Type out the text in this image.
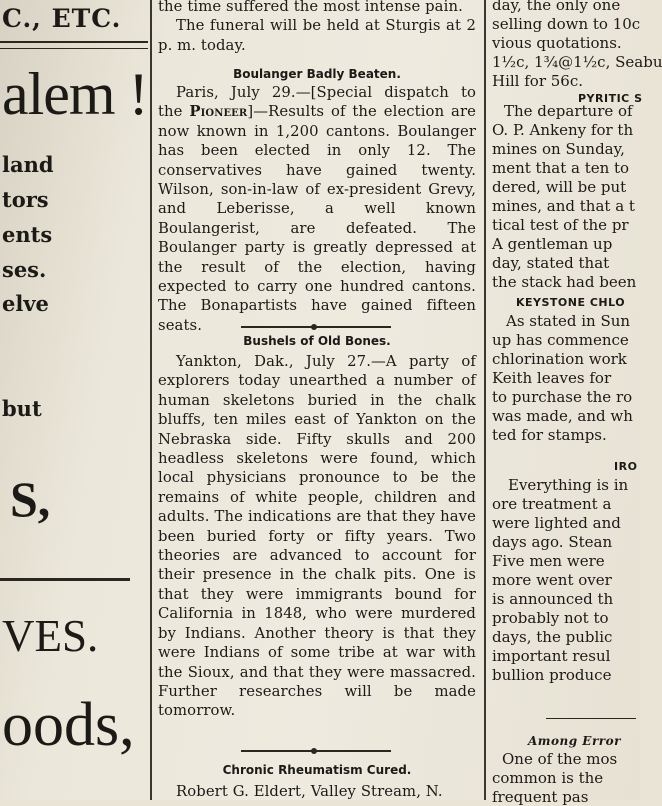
C., ETC.
alem !
land
tors
ents
ses.
elve
but
S,
VES.
oods,

the time suffered the most intense pain.

The funeral will be held at Sturgis at 2 p. m. today.

Boulanger Badly Beaten.

Paris, July 29.—[Special dispatch to the Pioneer]—Results of the election are now known in 1,200 cantons. Boulanger has been elected in only 12. The conservatives have gained twenty. Wilson, son-in-law of ex-president Grevy, and Leberisse, a well known Boulangerist, are defeated. The Boulanger party is greatly depressed at the result of the election, having expected to carry one hundred cantons. The Bonapartists have gained fifteen seats.

Bushels of Old Bones.

Yankton, Dak., July 27.—A party of explorers today unearthed a number of human skeletons buried in the chalk bluffs, ten miles east of Yankton on the Nebraska side. Fifty skulls and 200 headless skeletons were found, which local physicians pronounce to be the remains of white people, children and adults. The indications are that they have been buried forty or fifty years. Two theories are advanced to account for their presence in the chalk pits. One is that they were immigrants bound for California in 1848, who were murdered by Indians. Another theory is that they were Indians of some tribe at war with the Sioux, and that they were massacred. Further researches will be made tomorrow.

Chronic Rheumatism Cured.

Robert G. Eldert, Valley Stream, N.

day, the only one
selling down to 10c
vious quotations.
1½c, 1¾@1½c, Seabu
Hill for 56c.
PYRITIC S
The departure of
O. P. Ankeny for th
mines on Sunday,
ment that a ten to
dered, will be put
mines, and that a t
tical test of the pr
A gentleman up
day, stated that
the stack had been
KEYSTONE CHLO
As stated in Sun
up has commence
chlorination work
Keith leaves for
to purchase the ro
was made, and wh
ted for stamps.
IRO
Everything is in
ore treatment a
were lighted and
days ago. Stean
Five men were
more went over
is announced th
probably not to
days, the public
important resul
bullion produce
Among Error
One of the mos
common is the
frequent pas
